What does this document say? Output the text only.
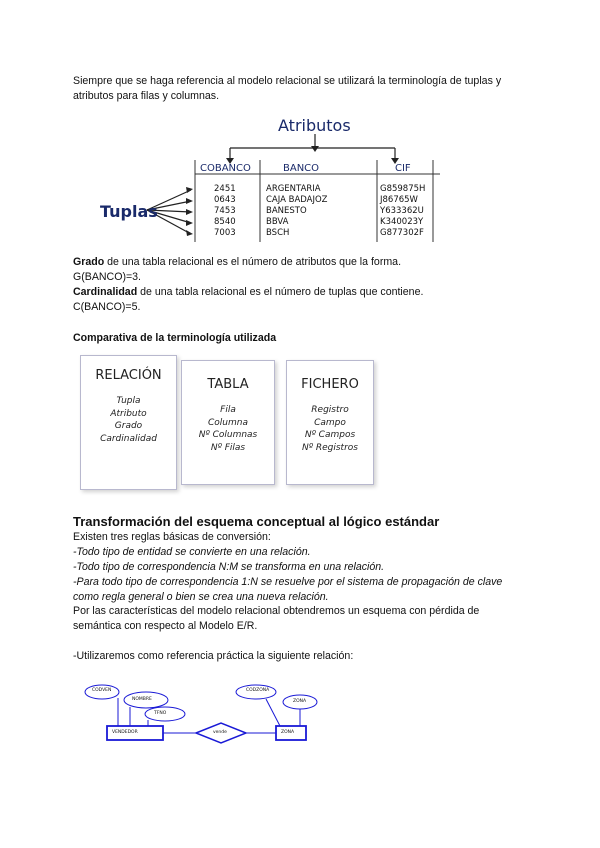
Siempre que se haga referencia al modelo relacional se utilizará la terminología de tuplas y
atributos para filas y columnas.
Atributos
Tuplas
COBANCO	BANCO	CIF
2451	ARGENTARIA	G859875H
0643	CAJA BADAJOZ	J86765W
7453	BANESTO	Y633362U
8540	BBVA	K340023Y
7003	BSCH	G877302F
Grado de una tabla relacional es el número de atributos que la forma.
G(BANCO)=3.
Cardinalidad de una tabla relacional es el número de tuplas que contiene.
C(BANCO)=5.
Comparativa de la terminología utilizada
RELACIÓN
Tupla
Atributo
Grado
Cardinalidad
TABLA
Fila
Columna
Nº Columnas
Nº Filas
FICHERO
Registro
Campo
Nº Campos
Nº Registros
Transformación del esquema conceptual al lógico estándar
Existen tres reglas básicas de conversión:
-Todo tipo de entidad se convierte en una relación.
-Todo tipo de correspondencia N:M se transforma en una relación.
-Para todo tipo de correspondencia 1:N se resuelve por el sistema de propagación de clave
como regla general o bien se crea una nueva relación.
Por las características del modelo relacional obtendremos un esquema con pérdida de
semántica con respecto al Modelo E/R.
-Utilizaremos como referencia práctica la siguiente relación:
CODVEN
NOMBRE
TFNO
VENDEDOR	vende
CODZONA
ZONA
ZONA
